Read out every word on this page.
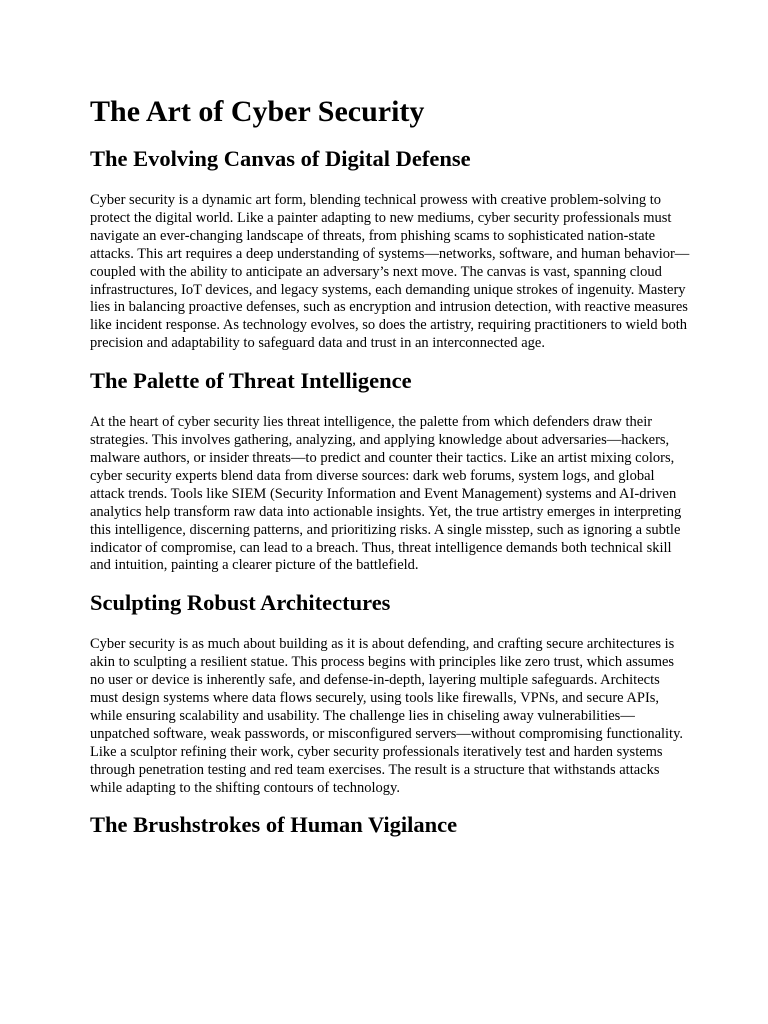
The Art of Cyber Security
The Evolving Canvas of Digital Defense

Cyber security is a dynamic art form, blending technical prowess with creative problem-solving to protect the digital world. Like a painter adapting to new mediums, cyber security professionals must navigate an ever-changing landscape of threats, from phishing scams to sophisticated nation-state attacks. This art requires a deep understanding of systems—networks, software, and human behavior—coupled with the ability to anticipate an adversary’s next move. The canvas is vast, spanning cloud infrastructures, IoT devices, and legacy systems, each demanding unique strokes of ingenuity. Mastery lies in balancing proactive defenses, such as encryption and intrusion detection, with reactive measures like incident response. As technology evolves, so does the artistry, requiring practitioners to wield both precision and adaptability to safeguard data and trust in an interconnected age.

The Palette of Threat Intelligence

At the heart of cyber security lies threat intelligence, the palette from which defenders draw their strategies. This involves gathering, analyzing, and applying knowledge about adversaries—hackers, malware authors, or insider threats—to predict and counter their tactics. Like an artist mixing colors, cyber security experts blend data from diverse sources: dark web forums, system logs, and global attack trends. Tools like SIEM (Security Information and Event Management) systems and AI-driven analytics help transform raw data into actionable insights. Yet, the true artistry emerges in interpreting this intelligence, discerning patterns, and prioritizing risks. A single misstep, such as ignoring a subtle indicator of compromise, can lead to a breach. Thus, threat intelligence demands both technical skill and intuition, painting a clearer picture of the battlefield.

Sculpting Robust Architectures

Cyber security is as much about building as it is about defending, and crafting secure architectures is akin to sculpting a resilient statue. This process begins with principles like zero trust, which assumes no user or device is inherently safe, and defense-in-depth, layering multiple safeguards. Architects must design systems where data flows securely, using tools like firewalls, VPNs, and secure APIs, while ensuring scalability and usability. The challenge lies in chiseling away vulnerabilities—unpatched software, weak passwords, or misconfigured servers—without compromising functionality. Like a sculptor refining their work, cyber security professionals iteratively test and harden systems through penetration testing and red team exercises. The result is a structure that withstands attacks while adapting to the shifting contours of technology.

The Brushstrokes of Human Vigilance
